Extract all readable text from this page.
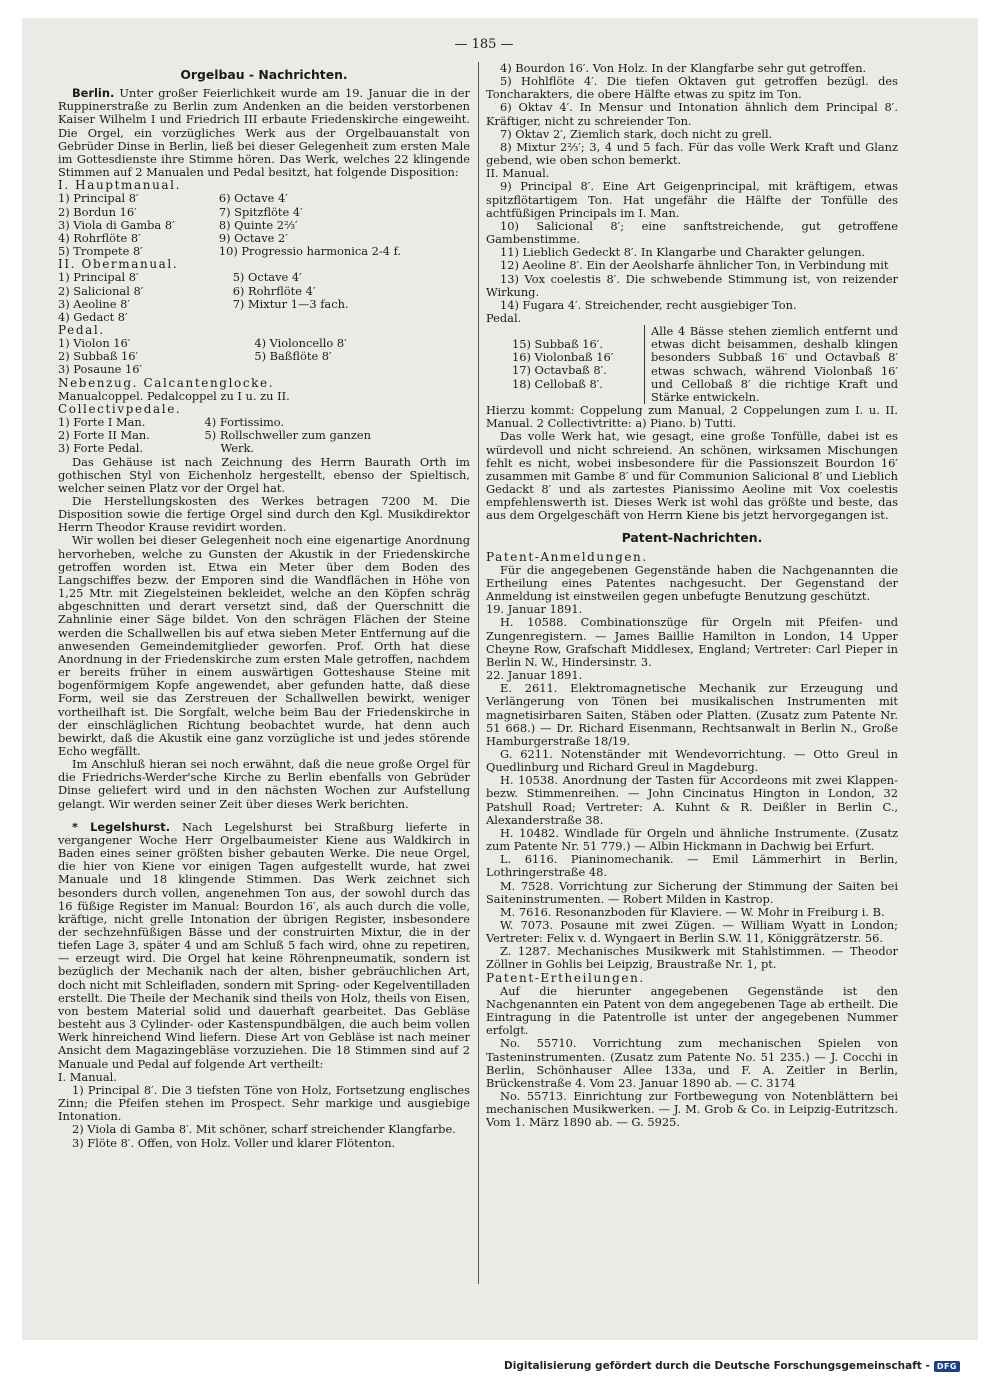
— 185 —
Orgelbau - Nachrichten.

Berlin. Unter großer Feierlichkeit wurde am 19. Januar die in der Ruppinerstraße zu Berlin zum Andenken an die beiden verstorbenen Kaiser Wilhelm I und Friedrich III erbaute Friedenskirche eingeweiht. Die Orgel, ein vorzügliches Werk aus der Orgelbauanstalt von Gebrüder Dinse in Berlin, ließ bei dieser Gelegenheit zum ersten Male im Gottesdienste ihre Stimme hören. Das Werk, welches 22 klingende Stimmen auf 2 Manualen und Pedal besitzt, hat folgende Disposition:

I. Hauptmanual.

1) Principal 8′	6) Octave 4′
2) Bordun 16′	7) Spitzflöte 4′
3) Viola di Gamba 8′	8) Quinte 2⅔′
4) Rohrflöte 8′	9) Octave 2′
5) Trompete 8′	10) Progressio harmonica 2-4 f.

II. Obermanual.

1) Principal 8′	5) Octave 4′
2) Salicional 8′	6) Rohrflöte 4′
3) Aeoline 8′	7) Mixtur 1—3 fach.
4) Gedact 8′	

Pedal.

1) Violon 16′	4) Violoncello 8′
2) Subbaß 16′	5) Baßflöte 8′
3) Posaune 16′	

Nebenzug. Calcantenglocke.

Manualcoppel. Pedalcoppel zu I u. zu II.

Collectivpedale.

1) Forte I Man.	4) Fortissimo.
2) Forte II Man.	5) Rollschweller zum ganzen
3) Forte Pedal.	Werk.

Das Gehäuse ist nach Zeichnung des Herrn Baurath Orth im gothischen Styl von Eichenholz hergestellt, ebenso der Spieltisch, welcher seinen Platz vor der Orgel hat.

Die Herstellungskosten des Werkes betragen 7200 M. Die Disposition sowie die fertige Orgel sind durch den Kgl. Musikdirektor Herrn Theodor Krause revidirt worden.

Wir wollen bei dieser Gelegenheit noch eine eigenartige Anordnung hervorheben, welche zu Gunsten der Akustik in der Friedenskirche getroffen worden ist. Etwa ein Meter über dem Boden des Langschiffes bezw. der Emporen sind die Wandflächen in Höhe von 1,25 Mtr. mit Ziegelsteinen bekleidet, welche an den Köpfen schräg abgeschnitten und derart versetzt sind, daß der Querschnitt die Zahnlinie einer Säge bildet. Von den schrägen Flächen der Steine werden die Schallwellen bis auf etwa sieben Meter Entfernung auf die anwesenden Gemeindemitglieder geworfen. Prof. Orth hat diese Anordnung in der Friedenskirche zum ersten Male getroffen, nachdem er bereits früher in einem auswärtigen Gotteshause Steine mit bogenförmigem Kopfe angewendet, aber gefunden hatte, daß diese Form, weil sie das Zerstreuen der Schallwellen bewirkt, weniger vortheilhaft ist. Die Sorgfalt, welche beim Bau der Friedenskirche in der einschläglichen Richtung beobachtet wurde, hat denn auch bewirkt, daß die Akustik eine ganz vorzügliche ist und jedes störende Echo wegfällt.

Im Anschluß hieran sei noch erwähnt, daß die neue große Orgel für die Friedrichs-Werder'sche Kirche zu Berlin ebenfalls von Gebrüder Dinse geliefert wird und in den nächsten Wochen zur Aufstellung gelangt. Wir werden seiner Zeit über dieses Werk berichten.

* Legelshurst. Nach Legelshurst bei Straßburg lieferte in vergangener Woche Herr Orgelbaumeister Kiene aus Waldkirch in Baden eines seiner größten bisher gebauten Werke. Die neue Orgel, die hier von Kiene vor einigen Tagen aufgestellt wurde, hat zwei Manuale und 18 klingende Stimmen. Das Werk zeichnet sich besonders durch vollen, angenehmen Ton aus, der sowohl durch das 16 füßige Register im Manual: Bourdon 16′, als auch durch die volle, kräftige, nicht grelle Intonation der übrigen Register, insbesondere der sechzehnfüßigen Bässe und der construirten Mixtur, die in der tiefen Lage 3, später 4 und am Schluß 5 fach wird, ohne zu repetiren, — erzeugt wird. Die Orgel hat keine Röhrenpneumatik, sondern ist bezüglich der Mechanik nach der alten, bisher gebräuchlichen Art, doch nicht mit Schleifladen, sondern mit Spring- oder Kegelventilladen erstellt. Die Theile der Mechanik sind theils von Holz, theils von Eisen, von bestem Material solid und dauerhaft gearbeitet. Das Gebläse besteht aus 3 Cylinder- oder Kastenspundbälgen, die auch beim vollen Werk hinreichend Wind liefern. Diese Art von Gebläse ist nach meiner Ansicht dem Magazingebläse vorzuziehen. Die 18 Stimmen sind auf 2 Manuale und Pedal auf folgende Art vertheilt:

I. Manual.

1) Principal 8′. Die 3 tiefsten Töne von Holz, Fortsetzung englisches Zinn; die Pfeifen stehen im Prospect. Sehr markige und ausgiebige Intonation.

2) Viola di Gamba 8′. Mit schöner, scharf streichender Klangfarbe.

3) Flöte 8′. Offen, von Holz. Voller und klarer Flötenton.

4) Bourdon 16′. Von Holz. In der Klangfarbe sehr gut getroffen.

5) Hohlflöte 4′. Die tiefen Oktaven gut getroffen bezügl. des Toncharakters, die obere Hälfte etwas zu spitz im Ton.

6) Oktav 4′. In Mensur und Intonation ähnlich dem Principal 8′. Kräftiger, nicht zu schreiender Ton.

7) Oktav 2′, Ziemlich stark, doch nicht zu grell.

8) Mixtur 2⅔′; 3, 4 und 5 fach. Für das volle Werk Kraft und Glanz gebend, wie oben schon bemerkt.

II. Manual.

9) Principal 8′. Eine Art Geigenprincipal, mit kräftigem, etwas spitzflötartigem Ton. Hat ungefähr die Hälfte der Tonfülle des achtfüßigen Principals im I. Man.

10) Salicional 8′; eine sanftstreichende, gut getroffene Gambenstimme.

11) Lieblich Gedeckt 8′. In Klangarbe und Charakter gelungen.

12) Aeoline 8′. Ein der Aeolsharfe ähnlicher Ton, in Verbindung mit

13) Vox coelestis 8′. Die schwebende Stimmung ist, von reizender Wirkung.

14) Fugara 4′. Streichender, recht ausgiebiger Ton.

Pedal.

15) Subbaß 16′.
16) Violonbaß 16′
17) Octavbaß 8′.
18) Cellobaß 8′.
Alle 4 Bässe stehen ziemlich entfernt und etwas dicht beisammen, deshalb klingen besonders Subbaß 16′ und Octavbaß 8′ etwas schwach, während Violonbaß 16′ und Cellobaß 8′ die richtige Kraft und Stärke entwickeln.

Hierzu kommt: Coppelung zum Manual, 2 Coppelungen zum I. u. II. Manual. 2 Collectivtritte: a) Piano. b) Tutti.

Das volle Werk hat, wie gesagt, eine große Tonfülle, dabei ist es würdevoll und nicht schreiend. An schönen, wirksamen Mischungen fehlt es nicht, wobei insbesondere für die Passionszeit Bourdon 16′ zusammen mit Gambe 8′ und für Communion Salicional 8′ und Lieblich Gedackt 8′ und als zartestes Pianissimo Aeoline mit Vox coelestis empfehlenswerth ist. Dieses Werk ist wohl das größte und beste, das aus dem Orgelgeschäft von Herrn Kiene bis jetzt hervorgegangen ist.

Patent-Nachrichten.

Patent-Anmeldungen.

Für die angegebenen Gegenstände haben die Nachgenannten die Ertheilung eines Patentes nachgesucht. Der Gegenstand der Anmeldung ist einstweilen gegen unbefugte Benutzung geschützt.

19. Januar 1891.

H. 10588. Combinationszüge für Orgeln mit Pfeifen- und Zungenregistern. — James Baillie Hamilton in London, 14 Upper Cheyne Row, Grafschaft Middlesex, England; Vertreter: Carl Pieper in Berlin N. W., Hindersinstr. 3.

22. Januar 1891.

E. 2611. Elektromagnetische Mechanik zur Erzeugung und Verlängerung von Tönen bei musikalischen Instrumenten mit magnetisirbaren Saiten, Stäben oder Platten. (Zusatz zum Patente Nr. 51 668.) — Dr. Richard Eisenmann, Rechtsanwalt in Berlin N., Große Hamburgerstraße 18/19.

G. 6211. Notenständer mit Wendevorrichtung. — Otto Greul in Quedlinburg und Richard Greul in Magdeburg.

H. 10538. Anordnung der Tasten für Accordeons mit zwei Klappen- bezw. Stimmenreihen. — John Cincinatus Hington in London, 32 Patshull Road; Vertreter: A. Kuhnt & R. Deißler in Berlin C., Alexanderstraße 38.

H. 10482. Windlade für Orgeln und ähnliche Instrumente. (Zusatz zum Patente Nr. 51 779.) — Albin Hickmann in Dachwig bei Erfurt.

L. 6116. Pianinomechanik. — Emil Lämmerhirt in Berlin, Lothringerstraße 48.

M. 7528. Vorrichtung zur Sicherung der Stimmung der Saiten bei Saiteninstrumenten. — Robert Milden in Kastrop.

M. 7616. Resonanzboden für Klaviere. — W. Mohr in Freiburg i. B.

W. 7073. Posaune mit zwei Zügen. — William Wyatt in London; Vertreter: Felix v. d. Wyngaert in Berlin S.W. 11, Königgrätzerstr. 56.

Z. 1287. Mechanisches Musikwerk mit Stahlstimmen. — Theodor Zöllner in Gohlis bei Leipzig, Braustraße Nr. 1, pt.

Patent-Ertheilungen.

Auf die hierunter angegebenen Gegenstände ist den Nachgenannten ein Patent von dem angegebenen Tage ab ertheilt. Die Eintragung in die Patentrolle ist unter der angegebenen Nummer erfolgt.

No. 55710. Vorrichtung zum mechanischen Spielen von Tasteninstrumenten. (Zusatz zum Patente No. 51 235.) — J. Cocchi in Berlin, Schönhauser Allee 133a, und F. A. Zeitler in Berlin, Brückenstraße 4. Vom 23. Januar 1890 ab. — C. 3174

No. 55713. Einrichtung zur Fortbewegung von Notenblättern bei mechanischen Musikwerken. — J. M. Grob & Co. in Leipzig-Eutritzsch. Vom 1. März 1890 ab. — G. 5925.

Digitalisierung gefördert durch die Deutsche Forschungsgemeinschaft - DFG
